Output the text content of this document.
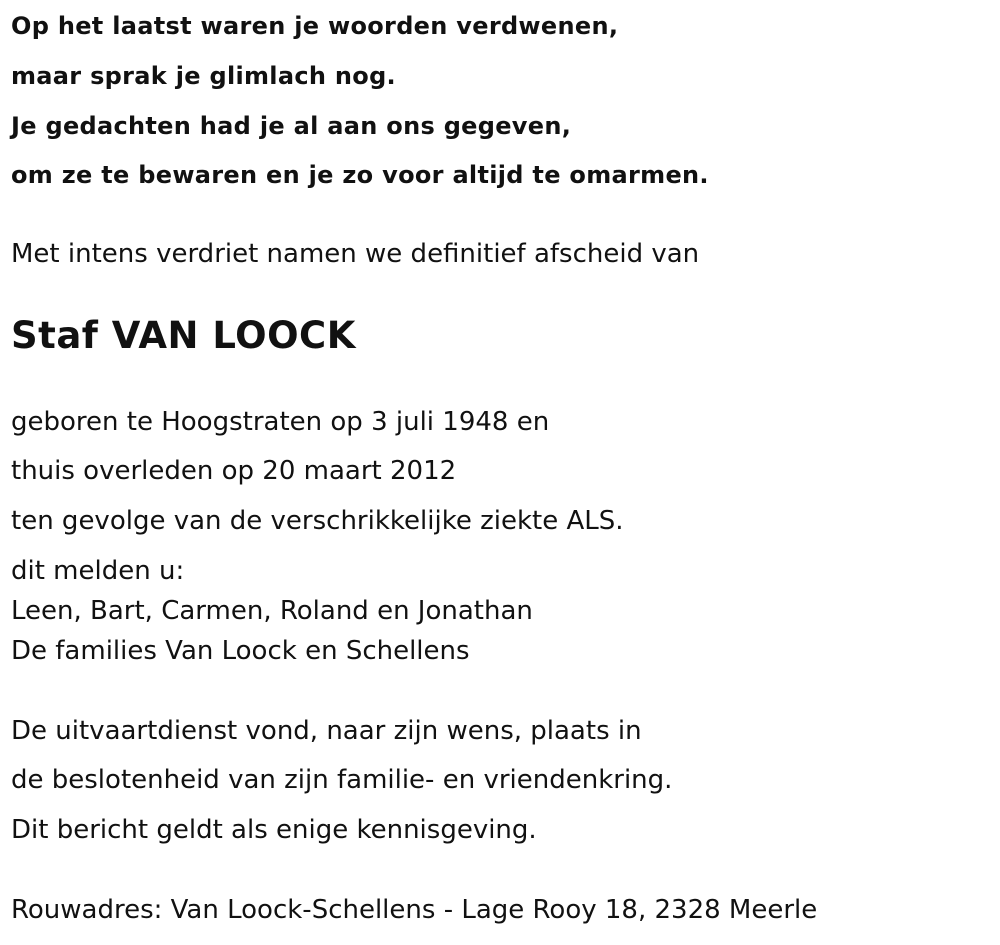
Op het laatst waren je woorden verdwenen,

maar sprak je glimlach nog.

Je gedachten had je al aan ons gegeven,

om ze te bewaren en je zo voor altijd te omarmen.

Met intens verdriet namen we definitief afscheid van

Staf VAN LOOCK

geboren te Hoogstraten op 3 juli 1948 en

thuis overleden op 20 maart 2012

ten gevolge van de verschrikkelijke ziekte ALS.

dit melden u:

Leen, Bart, Carmen, Roland en Jonathan

De families Van Loock en Schellens

De uitvaartdienst vond, naar zijn wens, plaats in

de beslotenheid van zijn familie- en vriendenkring.

Dit bericht geldt als enige kennisgeving.

Rouwadres: Van Loock-Schellens - Lage Rooy 18, 2328 Meerle
